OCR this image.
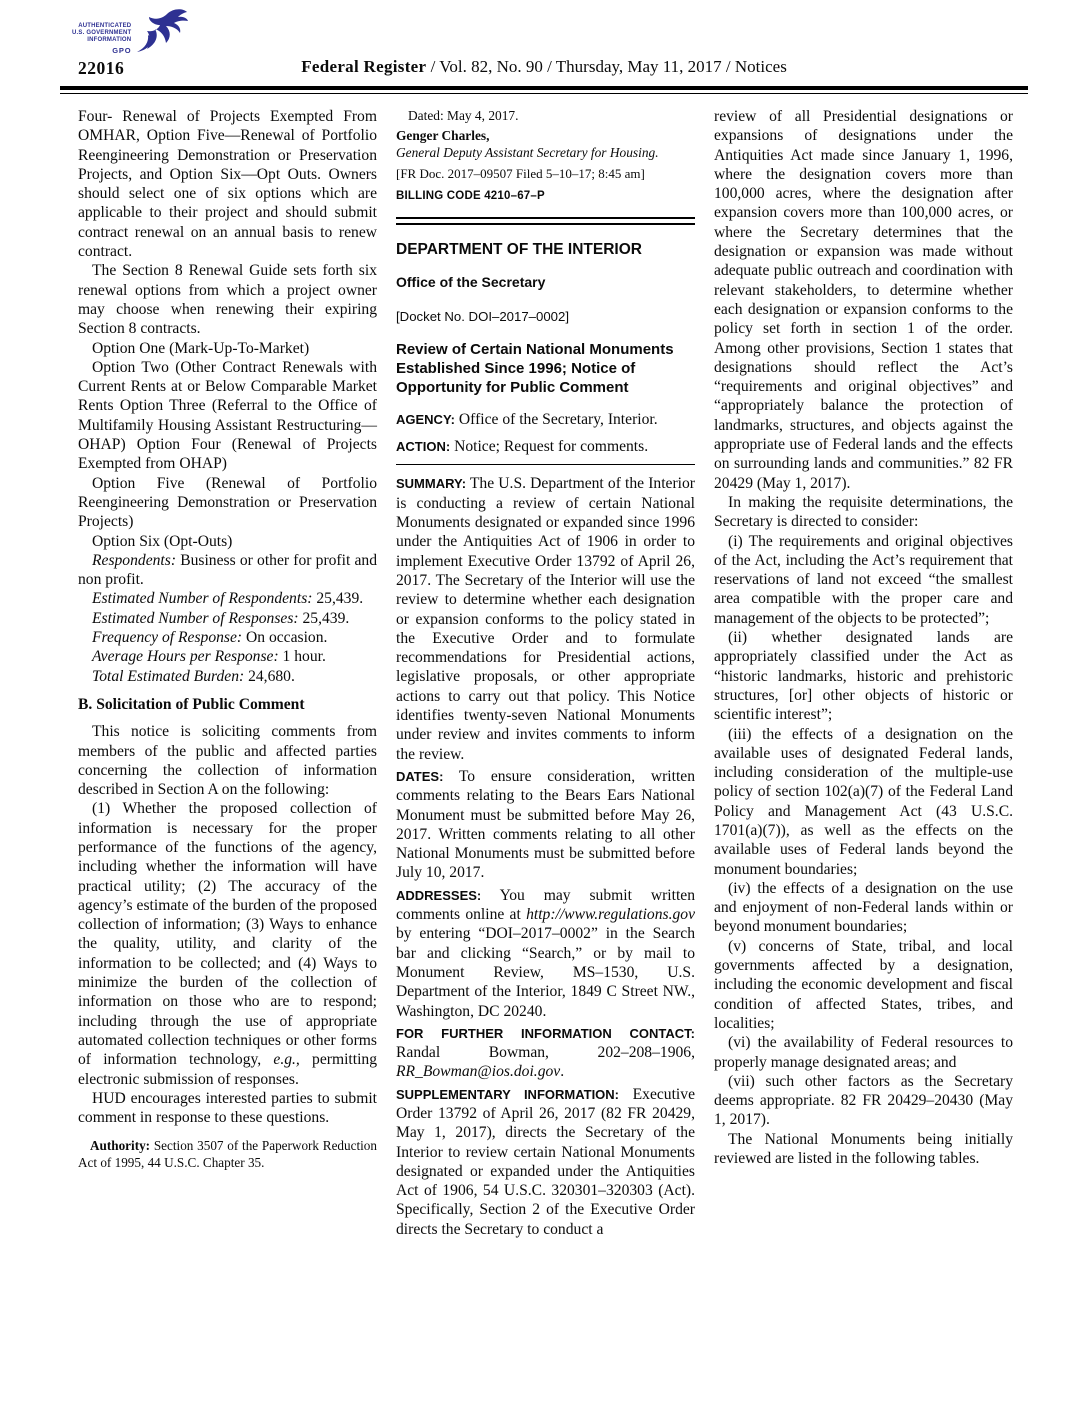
AUTHENTICATED
U.S. GOVERNMENT
INFORMATION
GPO
22016	Federal Register / Vol. 82, No. 90 / Thursday, May 11, 2017 / Notices
Four- Renewal of Projects Exempted From OMHAR, Option Five—Renewal of Portfolio Reengineering Demonstration or Preservation Projects, and Option Six—Opt Outs. Owners should select one of six options which are applicable to their project and should submit contract renewal on an annual basis to renew contract.
The Section 8 Renewal Guide sets forth six renewal options from which a project owner may choose when renewing their expiring Section 8 contracts.
Option One (Mark-Up-To-Market)
Option Two (Other Contract Renewals with Current Rents at or Below Comparable Market Rents Option Three (Referral to the Office of Multifamily Housing Assistant Restructuring—OHAP) Option Four (Renewal of Projects Exempted from OHAP)
Option Five (Renewal of Portfolio Reengineering Demonstration or Preservation Projects)
Option Six (Opt-Outs)
Respondents: Business or other for profit and non profit.
Estimated Number of Respondents: 25,439.
Estimated Number of Responses: 25,439.
Frequency of Response: On occasion.
Average Hours per Response: 1 hour.
Total Estimated Burden: 24,680.
B. Solicitation of Public Comment
This notice is soliciting comments from members of the public and affected parties concerning the collection of information described in Section A on the following:
(1) Whether the proposed collection of information is necessary for the proper performance of the functions of the agency, including whether the information will have practical utility; (2) The accuracy of the agency’s estimate of the burden of the proposed collection of information; (3) Ways to enhance the quality, utility, and clarity of the information to be collected; and (4) Ways to minimize the burden of the collection of information on those who are to respond; including through the use of appropriate automated collection techniques or other forms of information technology, e.g., permitting electronic submission of responses.
HUD encourages interested parties to submit comment in response to these questions.
Authority: Section 3507 of the Paperwork Reduction Act of 1995, 44 U.S.C. Chapter 35.
Dated: May 4, 2017.
Genger Charles,
General Deputy Assistant Secretary for Housing.
[FR Doc. 2017–09507 Filed 5–10–17; 8:45 am]
BILLING CODE 4210–67–P
DEPARTMENT OF THE INTERIOR
Office of the Secretary
[Docket No. DOI–2017–0002]
Review of Certain National Monuments Established Since 1996; Notice of Opportunity for Public Comment
AGENCY: Office of the Secretary, Interior.
ACTION: Notice; Request for comments.
SUMMARY: The U.S. Department of the Interior is conducting a review of certain National Monuments designated or expanded since 1996 under the Antiquities Act of 1906 in order to implement Executive Order 13792 of April 26, 2017. The Secretary of the Interior will use the review to determine whether each designation or expansion conforms to the policy stated in the Executive Order and to formulate recommendations for Presidential actions, legislative proposals, or other appropriate actions to carry out that policy. This Notice identifies twenty-seven National Monuments under review and invites comments to inform the review.
DATES: To ensure consideration, written comments relating to the Bears Ears National Monument must be submitted before May 26, 2017. Written comments relating to all other National Monuments must be submitted before July 10, 2017.
ADDRESSES: You may submit written comments online at http://www.regulations.gov by entering “DOI–2017–0002” in the Search bar and clicking “Search,” or by mail to Monument Review, MS–1530, U.S. Department of the Interior, 1849 C Street NW., Washington, DC 20240.
FOR FURTHER INFORMATION CONTACT: Randal Bowman, 202–208–1906, RR_Bowman@ios.doi.gov.
SUPPLEMENTARY INFORMATION: Executive Order 13792 of April 26, 2017 (82 FR 20429, May 1, 2017), directs the Secretary of the Interior to review certain National Monuments designated or expanded under the Antiquities Act of 1906, 54 U.S.C. 320301–320303 (Act). Specifically, Section 2 of the Executive Order directs the Secretary to conduct a
review of all Presidential designations or expansions of designations under the Antiquities Act made since January 1, 1996, where the designation covers more than 100,000 acres, where the designation after expansion covers more than 100,000 acres, or where the Secretary determines that the designation or expansion was made without adequate public outreach and coordination with relevant stakeholders, to determine whether each designation or expansion conforms to the policy set forth in section 1 of the order. Among other provisions, Section 1 states that designations should reflect the Act’s “requirements and original objectives” and “appropriately balance the protection of landmarks, structures, and objects against the appropriate use of Federal lands and the effects on surrounding lands and communities.” 82 FR 20429 (May 1, 2017).
In making the requisite determinations, the Secretary is directed to consider:
(i) The requirements and original objectives of the Act, including the Act’s requirement that reservations of land not exceed “the smallest area compatible with the proper care and management of the objects to be protected”;
(ii) whether designated lands are appropriately classified under the Act as “historic landmarks, historic and prehistoric structures, [or] other objects of historic or scientific interest”;
(iii) the effects of a designation on the available uses of designated Federal lands, including consideration of the multiple-use policy of section 102(a)(7) of the Federal Land Policy and Management Act (43 U.S.C. 1701(a)(7)), as well as the effects on the available uses of Federal lands beyond the monument boundaries;
(iv) the effects of a designation on the use and enjoyment of non-Federal lands within or beyond monument boundaries;
(v) concerns of State, tribal, and local governments affected by a designation, including the economic development and fiscal condition of affected States, tribes, and localities;
(vi) the availability of Federal resources to properly manage designated areas; and
(vii) such other factors as the Secretary deems appropriate. 82 FR 20429–20430 (May 1, 2017).
The National Monuments being initially reviewed are listed in the following tables.
